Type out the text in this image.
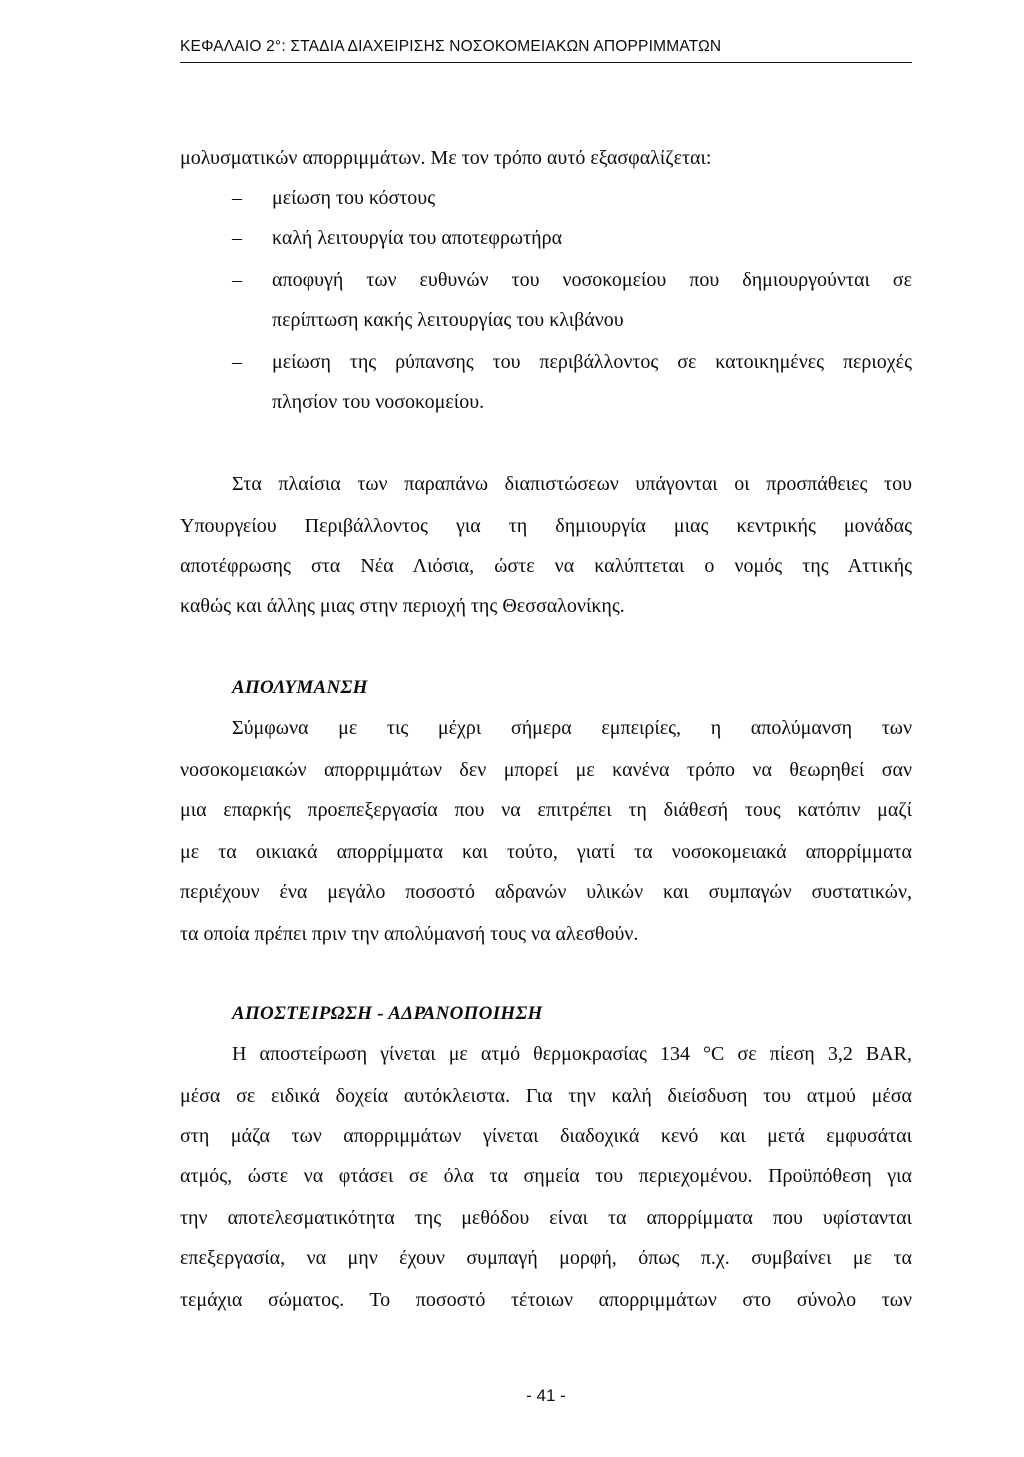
ΚΕΦΑΛΑΙΟ 2°: ΣΤΑΔΙΑ ΔΙΑΧΕΙΡΙΣΗΣ ΝΟΣΟΚΟΜΕΙΑΚΩΝ ΑΠΟΡΡΙΜΜΑΤΩΝ
μολυσματικών απορριμμάτων. Με τον τρόπο αυτό εξασφαλίζεται:
– μείωση του κόστους
– καλή λειτουργία του αποτεφρωτήρα
– αποφυγή των ευθυνών του νοσοκομείου που δημιουργούνται σε
περίπτωση κακής λειτουργίας του κλιβάνου
– μείωση της ρύπανσης του περιβάλλοντος σε κατοικημένες περιοχές
πλησίον του νοσοκομείου.
Στα πλαίσια των παραπάνω διαπιστώσεων υπάγονται οι προσπάθειες του
Υπουργείου Περιβάλλοντος για τη δημιουργία μιας κεντρικής μονάδας
αποτέφρωσης στα Νέα Λιόσια, ώστε να καλύπτεται ο νομός της Αττικής
καθώς και άλλης μιας στην περιοχή της Θεσσαλονίκης.
ΑΠΟΛΥΜΑΝΣΗ
Σύμφωνα με τις μέχρι σήμερα εμπειρίες, η απολύμανση των
νοσοκομειακών απορριμμάτων δεν μπορεί με κανένα τρόπο να θεωρηθεί σαν
μια επαρκής προεπεξεργασία που να επιτρέπει τη διάθεσή τους κατόπιν μαζί
με τα οικιακά απορρίμματα και τούτο, γιατί τα νοσοκομειακά απορρίμματα
περιέχουν ένα μεγάλο ποσοστό αδρανών υλικών και συμπαγών συστατικών,
τα οποία πρέπει πριν την απολύμανσή τους να αλεσθούν.
ΑΠΟΣΤΕΙΡΩΣΗ - ΑΔΡΑΝΟΠΟΙΗΣΗ
Η αποστείρωση γίνεται με ατμό θερμοκρασίας 134 °C σε πίεση 3,2 BAR,
μέσα σε ειδικά δοχεία αυτόκλειστα. Για την καλή διείσδυση του ατμού μέσα
στη μάζα των απορριμμάτων γίνεται διαδοχικά κενό και μετά εμφυσάται
ατμός, ώστε να φτάσει σε όλα τα σημεία του περιεχομένου. Προϋπόθεση για
την αποτελεσματικότητα της μεθόδου είναι τα απορρίμματα που υφίστανται
επεξεργασία, να μην έχουν συμπαγή μορφή, όπως π.χ. συμβαίνει με τα
τεμάχια σώματος. Το ποσοστό τέτοιων απορριμμάτων στο σύνολο των
- 41 -
